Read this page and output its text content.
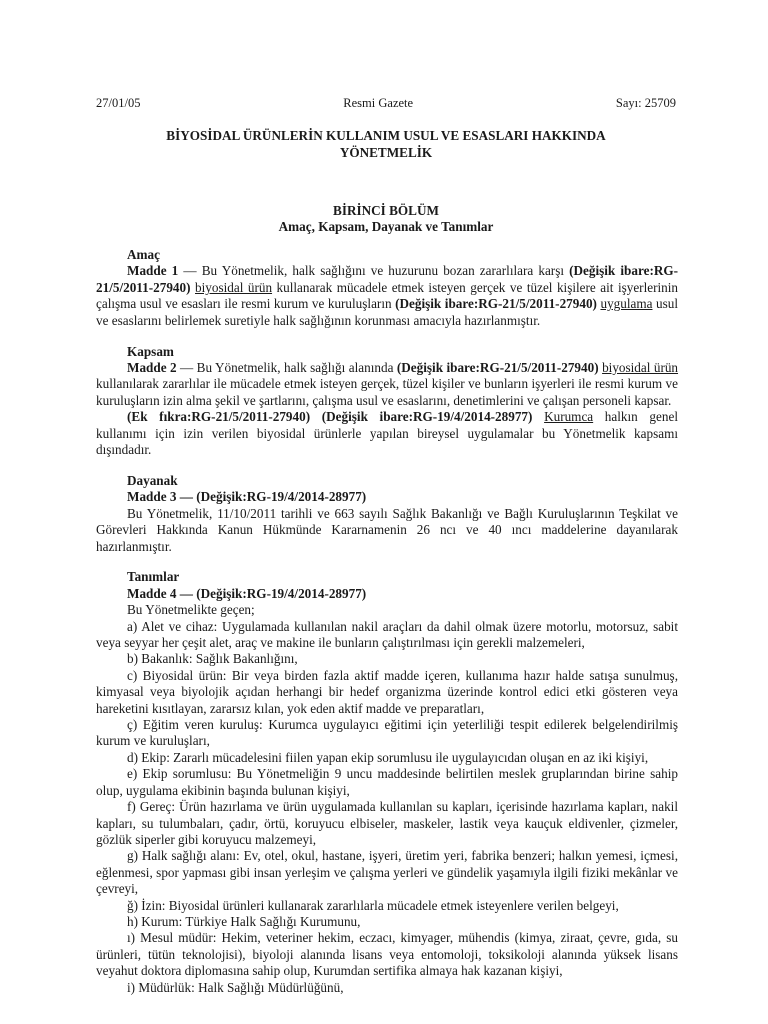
27/01/05	Resmi Gazete	Sayı: 25709
BİYOSİDAL ÜRÜNLERİN KULLANIM USUL VE ESASLARI HAKKINDA
YÖNETMELİK
BİRİNCİ BÖLÜM
Amaç, Kapsam, Dayanak ve Tanımlar
Amaç

Madde 1 — Bu Yönetmelik, halk sağlığını ve huzurunu bozan zararlılara karşı (Değişik ibare:RG-21/5/2011-27940) biyosidal ürün kullanarak mücadele etmek isteyen gerçek ve tüzel kişilere ait işyerlerinin çalışma usul ve esasları ile resmi kurum ve kuruluşların (Değişik ibare:RG-21/5/2011-27940) uygulama usul ve esaslarını belirlemek suretiyle halk sağlığının korunması amacıyla hazırlanmıştır.

Kapsam

Madde 2 — Bu Yönetmelik, halk sağlığı alanında (Değişik ibare:RG-21/5/2011-27940) biyosidal ürün kullanılarak zararlılar ile mücadele etmek isteyen gerçek, tüzel kişiler ve bunların işyerleri ile resmi kurum ve kuruluşların izin alma şekil ve şartlarını, çalışma usul ve esaslarını, denetimlerini ve çalışan personeli kapsar.

(Ek fıkra:RG-21/5/2011-27940) (Değişik ibare:RG-19/4/2014-28977) Kurumca halkın genel kullanımı için izin verilen biyosidal ürünlerle yapılan bireysel uygulamalar bu Yönetmelik kapsamı dışındadır.

Dayanak
Madde 3 — (Değişik:RG-19/4/2014-28977)

Bu Yönetmelik, 11/10/2011 tarihli ve 663 sayılı Sağlık Bakanlığı ve Bağlı Kuruluşlarının Teşkilat ve Görevleri Hakkında Kanun Hükmünde Kararnamenin 26 ncı ve 40 ıncı maddelerine dayanılarak hazırlanmıştır.

Tanımlar
Madde 4 — (Değişik:RG-19/4/2014-28977)

Bu Yönetmelikte geçen;

a) Alet ve cihaz: Uygulamada kullanılan nakil araçları da dahil olmak üzere motorlu, motorsuz, sabit veya seyyar her çeşit alet, araç ve makine ile bunların çalıştırılması için gerekli malzemeleri,

b) Bakanlık: Sağlık Bakanlığını,

c) Biyosidal ürün: Bir veya birden fazla aktif madde içeren, kullanıma hazır halde satışa sunulmuş, kimyasal veya biyolojik açıdan herhangi bir hedef organizma üzerinde kontrol edici etki gösteren veya hareketini kısıtlayan, zararsız kılan, yok eden aktif madde ve preparatları,

ç) Eğitim veren kuruluş: Kurumca uygulayıcı eğitimi için yeterliliği tespit edilerek belgelendirilmiş kurum ve kuruluşları,

d) Ekip: Zararlı mücadelesini fiilen yapan ekip sorumlusu ile uygulayıcıdan oluşan en az iki kişiyi,

e) Ekip sorumlusu: Bu Yönetmeliğin 9 uncu maddesinde belirtilen meslek gruplarından birine sahip olup, uygulama ekibinin başında bulunan kişiyi,

f) Gereç: Ürün hazırlama ve ürün uygulamada kullanılan su kapları, içerisinde hazırlama kapları, nakil kapları, su tulumbaları, çadır, örtü, koruyucu elbiseler, maskeler, lastik veya kauçuk eldivenler, çizmeler, gözlük siperler gibi koruyucu malzemeyi,

g) Halk sağlığı alanı: Ev, otel, okul, hastane, işyeri, üretim yeri, fabrika benzeri; halkın yemesi, içmesi, eğlenmesi, spor yapması gibi insan yerleşim ve çalışma yerleri ve gündelik yaşamıyla ilgili fiziki mekânlar ve çevreyi,

ğ) İzin: Biyosidal ürünleri kullanarak zararlılarla mücadele etmek isteyenlere verilen belgeyi,

h) Kurum: Türkiye Halk Sağlığı Kurumunu,

ı) Mesul müdür: Hekim, veteriner hekim, eczacı, kimyager, mühendis (kimya, ziraat, çevre, gıda, su ürünleri, tütün teknolojisi), biyoloji alanında lisans veya entomoloji, toksikoloji alanında yüksek lisans veyahut doktora diplomasına sahip olup, Kurumdan sertifika almaya hak kazanan kişiyi,

i) Müdürlük: Halk Sağlığı Müdürlüğünü,
